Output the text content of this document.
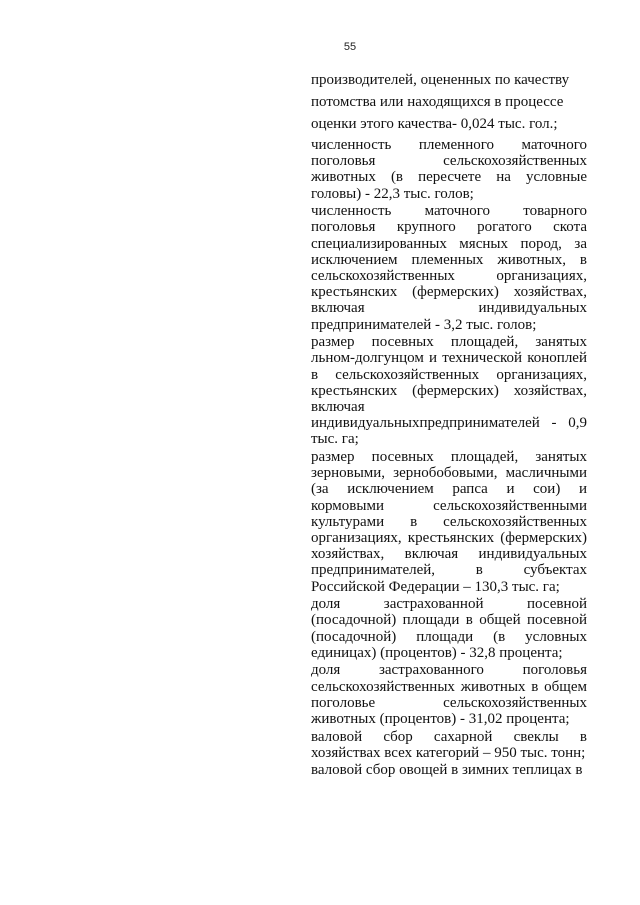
55
производителей, оцененных по качеству
потомства или находящихся в процессе
оценки этого качества- 0,024 тыс. гол.;
численность племенного маточного
поголовья сельскохозяйственных
животных (в пересчете на условные
головы) - 22,3 тыс. голов;
численность маточного товарного
поголовья крупного рогатого скота
специализированных мясных пород, за
исключением племенных животных, в
сельскохозяйственных организациях,
крестьянских (фермерских) хозяйствах,
включая индивидуальных
предпринимателей - 3,2 тыс. голов;
размер посевных площадей, занятых
льном-долгунцом и технической коноплей
в сельскохозяйственных организациях,
крестьянских (фермерских) хозяйствах,
включая
индивидуальныхпредпринимателей - 0,9
тыс. га;
размер посевных площадей, занятых
зерновыми, зернобобовыми, масличными
(за исключением рапса и сои) и
кормовыми сельскохозяйственными
культурами в сельскохозяйственных
организациях, крестьянских (фермерских)
хозяйствах, включая индивидуальных
предпринимателей, в субъектах
Российской Федерации – 130,3 тыс. га;
доля застрахованной посевной
(посадочной) площади в общей посевной
(посадочной) площади (в условных
единицах) (процентов) - 32,8 процента;
доля застрахованного поголовья
сельскохозяйственных животных в общем
поголовье сельскохозяйственных
животных (процентов) - 31,02 процента;
валовой сбор сахарной свеклы в
хозяйствах всех категорий – 950 тыс. тонн;
валовой сбор овощей в зимних теплицах в
